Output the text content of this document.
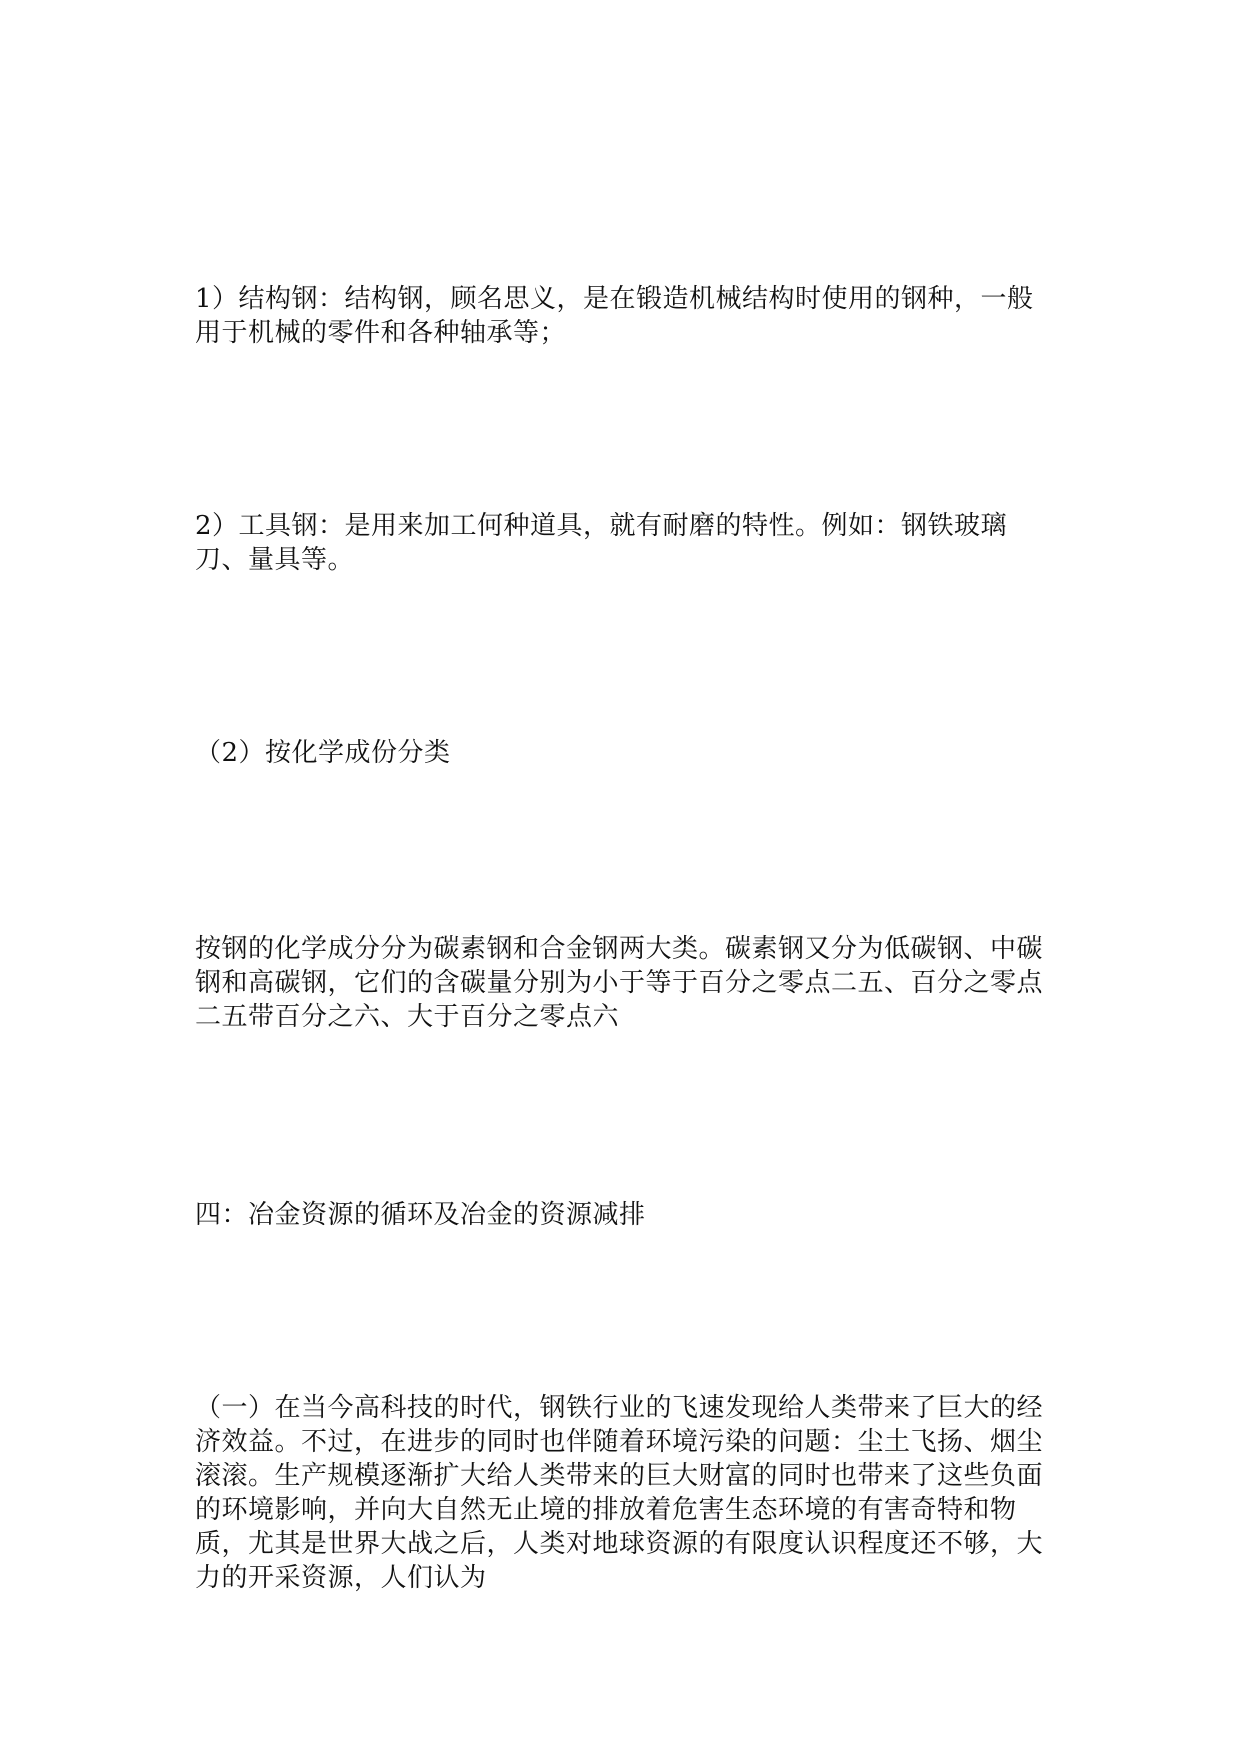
1）结构钢：结构钢，顾名思义，是在锻造机械结构时使用的钢种，一般用于机械的零件和各种轴承等；

2）工具钢：是用来加工何种道具，就有耐磨的特性。例如：钢铁玻璃刀、量具等。

（2）按化学成份分类

按钢的化学成分分为碳素钢和合金钢两大类。碳素钢又分为低碳钢、中碳钢和高碳钢，它们的含碳量分别为小于等于百分之零点二五、百分之零点二五带百分之六、大于百分之零点六

四：冶金资源的循环及冶金的资源减排

（一）在当今高科技的时代，钢铁行业的飞速发现给人类带来了巨大的经济效益。不过，在进步的同时也伴随着环境污染的问题：尘土飞扬、烟尘滚滚。生产规模逐渐扩大给人类带来的巨大财富的同时也带来了这些负面的环境影响，并向大自然无止境的排放着危害生态环境的有害奇特和物质，尤其是世界大战之后，人类对地球资源的有限度认识程度还不够，大力的开采资源，人们认为
